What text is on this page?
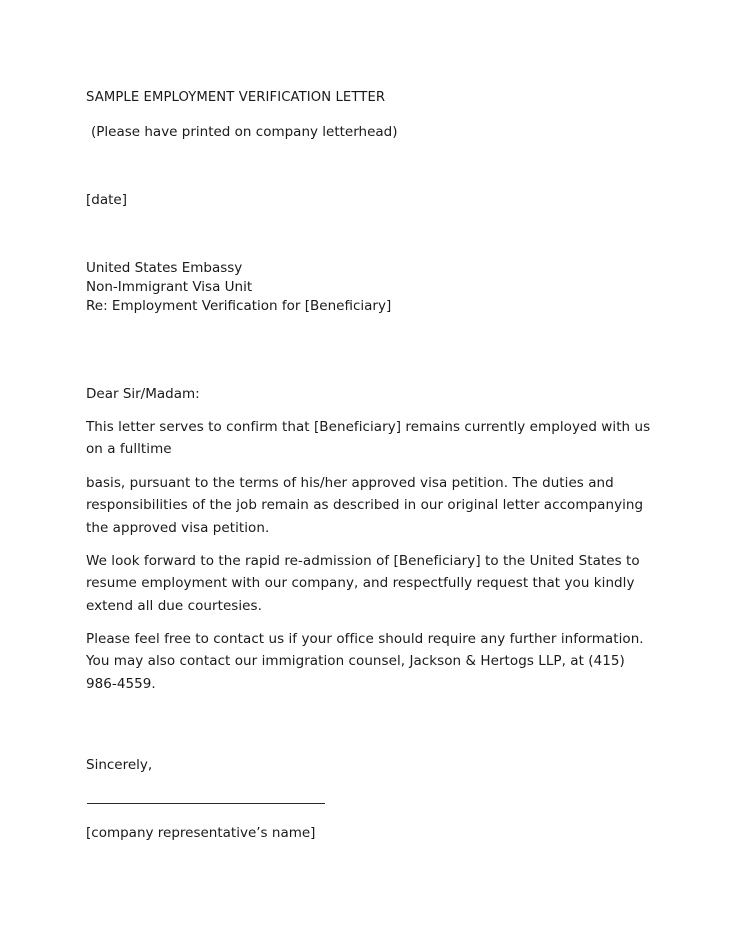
SAMPLE EMPLOYMENT VERIFICATION LETTER
(Please have printed on company letterhead)
[date]
United States Embassy
Non-Immigrant Visa Unit
Re: Employment Verification for [Beneficiary]
Dear Sir/Madam:
This letter serves to confirm that [Beneficiary] remains currently employed with us on a fulltime
basis, pursuant to the terms of his/her approved visa petition. The duties and responsibilities of the job remain as described in our original letter accompanying the approved visa petition.
We look forward to the rapid re-admission of [Beneficiary] to the United States to resume employment with our company, and respectfully request that you kindly extend all due courtesies.
Please feel free to contact us if your office should require any further information. You may also contact our immigration counsel, Jackson & Hertogs LLP, at (415) 986-4559.
Sincerely,
[company representative’s name]
